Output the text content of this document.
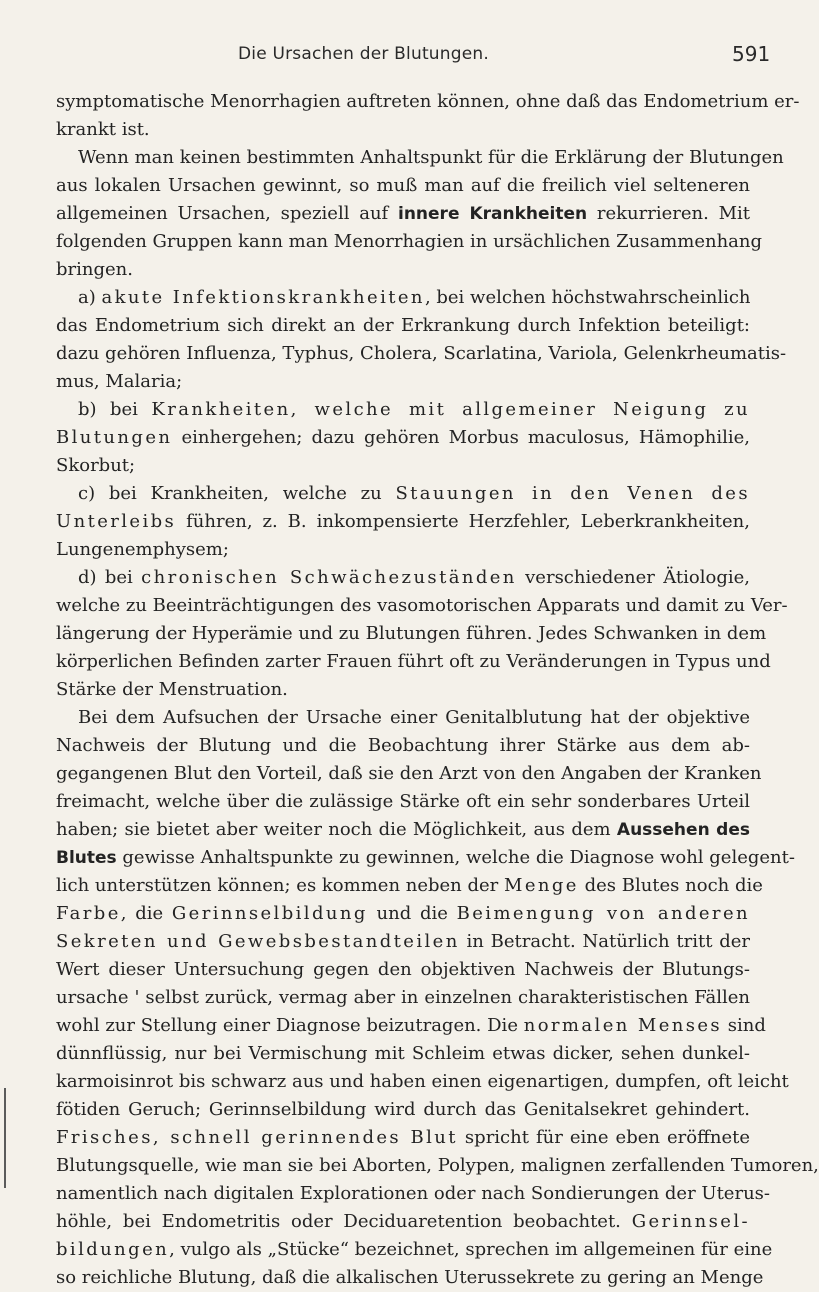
Die Ursachen der Blutungen.	591
symptomatische Menorrhagien auftreten können, ohne daß das Endometrium er-
krankt ist.
Wenn man keinen bestimmten Anhaltspunkt für die Erklärung der Blutungen
aus lokalen Ursachen gewinnt, so muß man auf die freilich viel selteneren
allgemeinen Ursachen, speziell auf innere Krankheiten rekurrieren. Mit
folgenden Gruppen kann man Menorrhagien in ursächlichen Zusammenhang
bringen.
a) akute Infektionskrankheiten, bei welchen höchstwahrscheinlich
das Endometrium sich direkt an der Erkrankung durch Infektion beteiligt:
dazu gehören Influenza, Typhus, Cholera, Scarlatina, Variola, Gelenkrheumatis-
mus, Malaria;
b) bei Krankheiten, welche mit allgemeiner Neigung zu
Blutungen einhergehen; dazu gehören Morbus maculosus, Hämophilie,
Skorbut;
c) bei Krankheiten, welche zu Stauungen in den Venen des
Unterleibs führen, z. B. inkompensierte Herzfehler, Leberkrankheiten,
Lungenemphysem;
d) bei chronischen Schwächezuständen verschiedener Ätiologie,
welche zu Beeinträchtigungen des vasomotorischen Apparats und damit zu Ver-
längerung der Hyperämie und zu Blutungen führen. Jedes Schwanken in dem
körperlichen Befinden zarter Frauen führt oft zu Veränderungen in Typus und
Stärke der Menstruation.
Bei dem Aufsuchen der Ursache einer Genitalblutung hat der objektive
Nachweis der Blutung und die Beobachtung ihrer Stärke aus dem ab-
gegangenen Blut den Vorteil, daß sie den Arzt von den Angaben der Kranken
freimacht, welche über die zulässige Stärke oft ein sehr sonderbares Urteil
haben; sie bietet aber weiter noch die Möglichkeit, aus dem Aussehen des
Blutes gewisse Anhaltspunkte zu gewinnen, welche die Diagnose wohl gelegent-
lich unterstützen können; es kommen neben der Menge des Blutes noch die
Farbe, die Gerinnselbildung und die Beimengung von anderen
Sekreten und Gewebsbestandteilen in Betracht. Natürlich tritt der
Wert dieser Untersuchung gegen den objektiven Nachweis der Blutungs-
ursache ' selbst zurück, vermag aber in einzelnen charakteristischen Fällen
wohl zur Stellung einer Diagnose beizutragen. Die normalen Menses sind
dünnflüssig, nur bei Vermischung mit Schleim etwas dicker, sehen dunkel-
karmoisinrot bis schwarz aus und haben einen eigenartigen, dumpfen, oft leicht
fötiden Geruch; Gerinnselbildung wird durch das Genitalsekret gehindert.
Frisches, schnell gerinnendes Blut spricht für eine eben eröffnete
Blutungsquelle, wie man sie bei Aborten, Polypen, malignen zerfallenden Tumoren,
namentlich nach digitalen Explorationen oder nach Sondierungen der Uterus-
höhle, bei Endometritis oder Deciduaretention beobachtet. Gerinnsel-
bildungen, vulgo als „Stücke“ bezeichnet, sprechen im allgemeinen für eine
so reichliche Blutung, daß die alkalischen Uterussekrete zu gering an Menge
